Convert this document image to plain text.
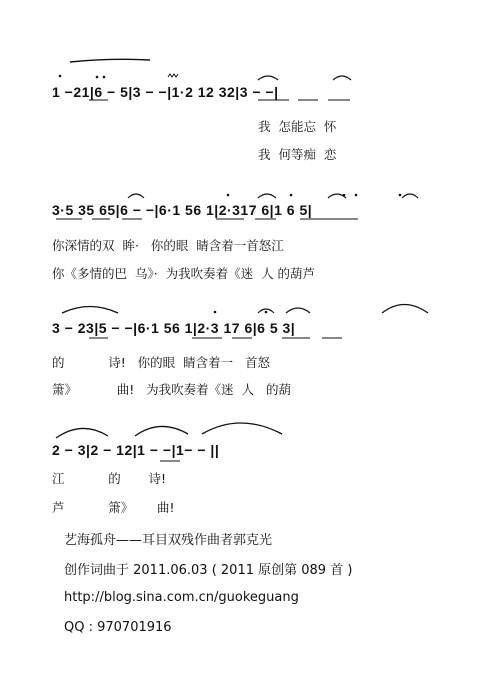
1 −21|6 − 5|3 − −|1·2 12 32|3 − −|
我  怎能忘  怀
我  何等痴  恋
3·5 35 65|6 − −|6·1 56 1|2·317 6|1 6 5|
你深情的双  眸·   你的眼  睛含着一首怒江
你《多情的巴  乌》·  为我吹奏着《迷  人 的葫芦
3 − 23|5 − −|6·1 56 1|2·3 17 6|6 5 3|
的           诗!   你的眼  睛含着一   首怒
箫》          曲!   为我吹奏着《迷  人   的葫
2 − 3|2 − 12|1 − −|1− − ||
江           的       诗!
芦           箫》      曲!
艺海孤舟——耳目双残作曲者郭克光
创作词曲于 2011.06.03 ( 2011 原创第 089 首 )
http://blog.sina.com.cn/guokeguang
QQ : 970701916
